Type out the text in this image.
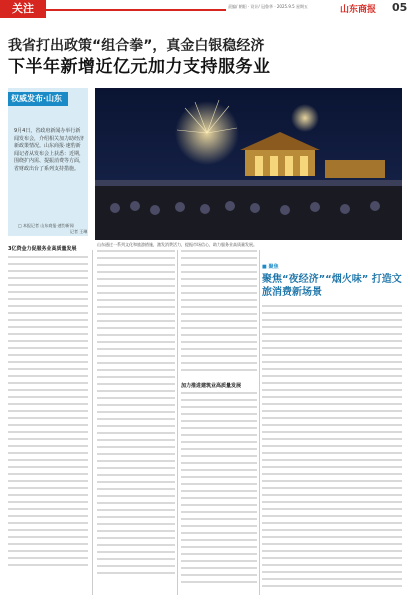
关注	责编/ 朝阳 · 设计/ 冠鲁华 · 2025.9.5 星期五	山东商报 05
我省打出政策“组合拳”，真金白银稳经济
下半年新增近亿元加力支持服务业
权威发布·山东
9月4日，省政府新闻办举行新闻发布会，介绍相关加力助经济新政策情况。山东商报·速豹新闻记者从发布会上获悉：近期，围绕扩内需、提振消费等方面，省财政出台了系列支持措施。
□ 本报记者 山东商报·速豹新闻
记者 王琳
山东通过一系列文化和旅游措施，激发消费活力，提振市场信心，助力服务业高质量发展。
3亿资金力促服务业高质量发展
加力推进建筑业高质量发展
■ 聚焦
聚焦“夜经济”“烟火味” 打造文旅消费新场景
